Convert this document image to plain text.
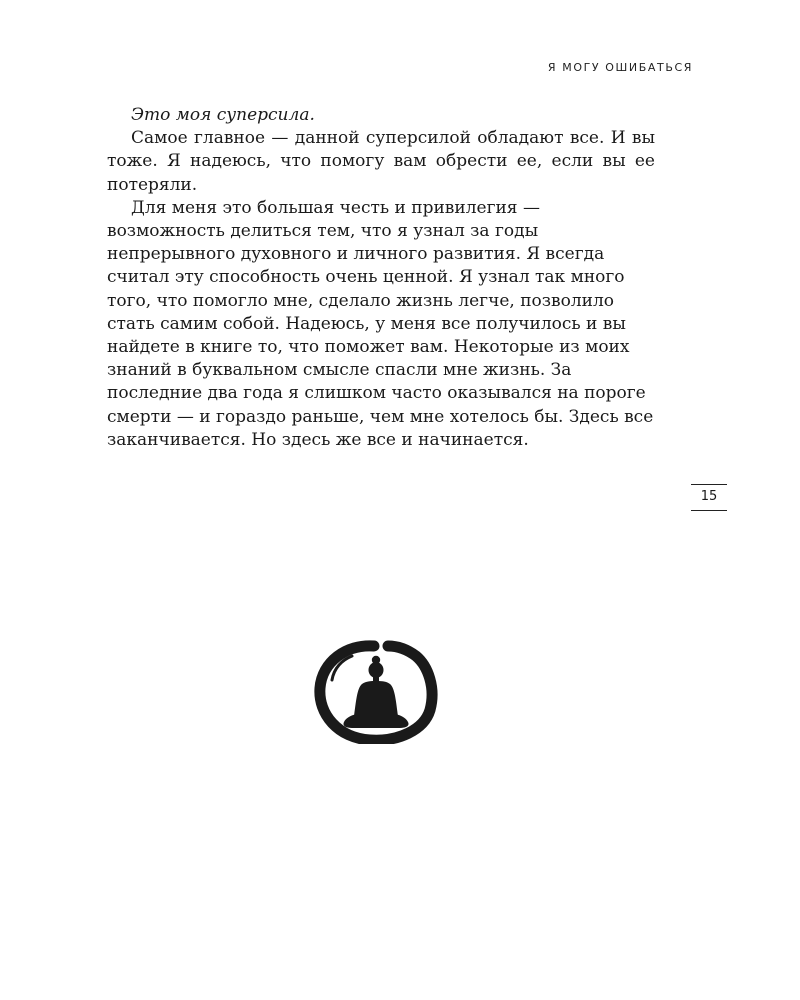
Я МОГУ ОШИБАТЬСЯ

Это моя суперсила.

Самое главное — данной суперсилой обладают все. И вы тоже. Я надеюсь, что помогу вам обрести ее, если вы ее потеряли.

Для меня это большая честь и привилегия — возможность делиться тем, что я узнал за годы непрерывного духовного и личного развития. Я всегда считал эту способность очень ценной. Я узнал так много того, что помогло мне, сделало жизнь легче, позволило стать самим собой. Надеюсь, у меня все получилось и вы найдете в книге то, что поможет вам. Некоторые из моих знаний в буквальном смысле спасли мне жизнь. За последние два года я слишком часто оказывался на пороге смерти — и гораздо раньше, чем мне хотелось бы. Здесь все заканчивается. Но здесь же все и начинается.

15
